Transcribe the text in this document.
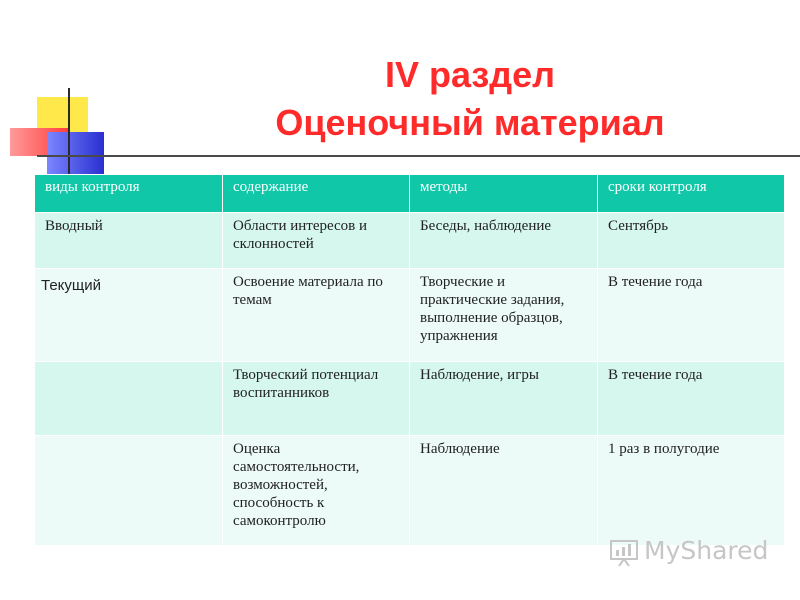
IV раздел
Оценочный материал
виды контроля	содержание	методы	сроки контроля
Вводный	Области интересов и склонностей	Беседы, наблюдение	Сентябрь
Текущий	Освоение материала по темам	Творческие и практические задания, выполнение образцов, упражнения	В течение года
	Творческий потенциал воспитанников	Наблюдение, игры	В течение года
	Оценка самостоятельности, возможностей, способность к самоконтролю	Наблюдение	1 раз в полугодие
MyShared
